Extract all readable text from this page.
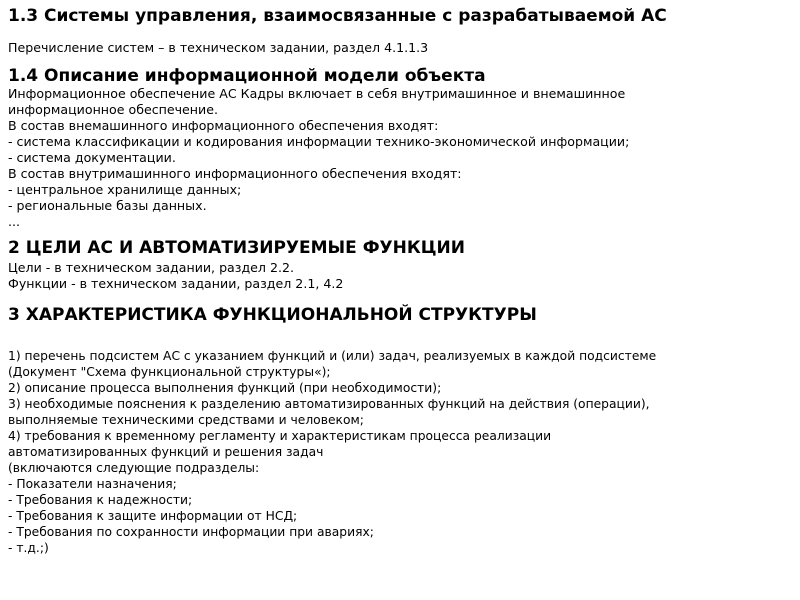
1.3 Системы управления, взаимосвязанные с разрабатываемой АС
Перечисление систем – в техническом задании, раздел 4.1.1.3
1.4 Описание информационной модели объекта
Информационное обеспечение АС Кадры включает в себя внутримашинное и внемашинное
информационное обеспечение.
В состав внемашинного информационного обеспечения входят:
- система классификации и кодирования информации технико-экономической информации;
- система документации.
В состав внутримашинного информационного обеспечения входят:
- центральное хранилище данных;
- региональные базы данных.
...
2 ЦЕЛИ АС И АВТОМАТИЗИРУЕМЫЕ ФУНКЦИИ
Цели - в техническом задании, раздел 2.2.
Функции - в техническом задании, раздел 2.1, 4.2
3 ХАРАКТЕРИСТИКА ФУНКЦИОНАЛЬНОЙ СТРУКТУРЫ
1) перечень подсистем АС с указанием функций и (или) задач, реализуемых в каждой подсистеме
(Документ "Схема функциональной структуры«);
2) описание процесса выполнения функций (при необходимости);
3) необходимые пояснения к разделению автоматизированных функций на действия (операции),
выполняемые техническими средствами и человеком;
4) требования к временному регламенту и характеристикам процесса реализации
автоматизированных функций и решения задач
(включаются следующие подразделы:
- Показатели назначения;
- Требования к надежности;
- Требования к защите информации от НСД;
- Требования по сохранности информации при авариях;
- т.д.;)
